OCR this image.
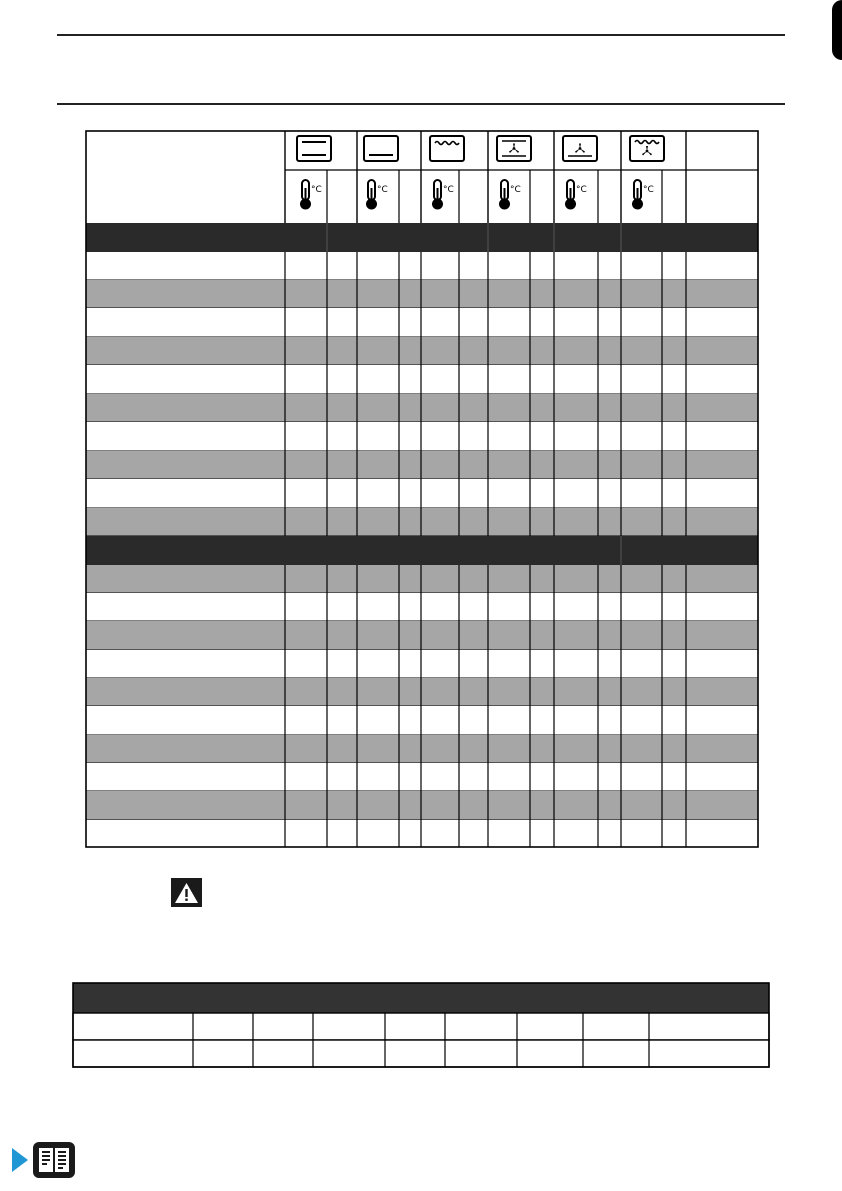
°C	°C	°C	°C	°C	°C
